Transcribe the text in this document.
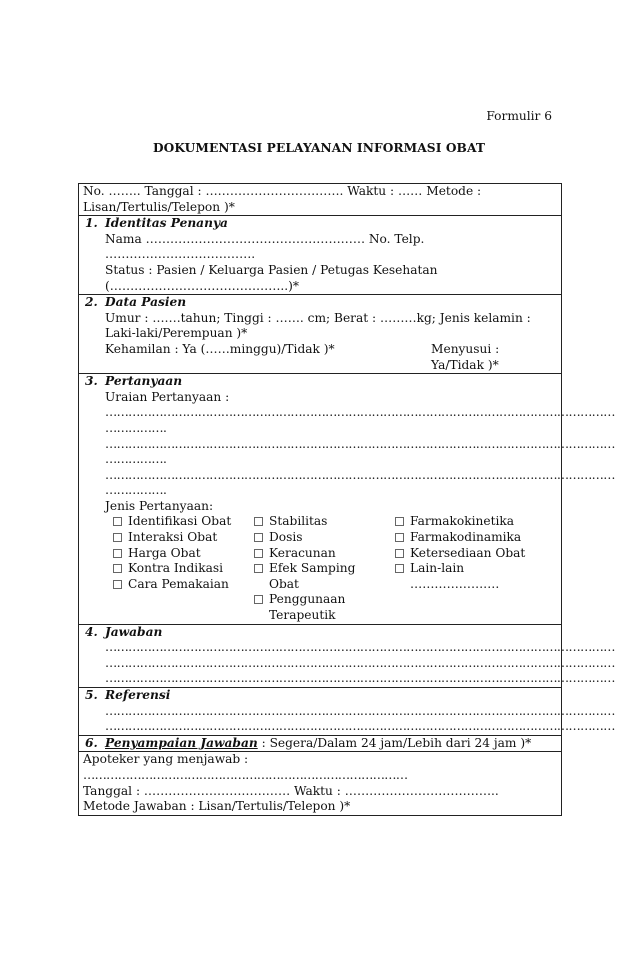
Formulir 6
DOKUMENTASI PELAYANAN INFORMASI OBAT
No. …….. Tanggal : ……………………………. Waktu : …… Metode : Lisan/Tertulis/Telepon )*
1. Identitas Penanya
Nama ……………………………………………… No. Telp. ……………………………….
Status : Pasien / Keluarga Pasien / Petugas Kesehatan (……………………………………..)*
2. Data Pasien
Umur : …….tahun; Tinggi : ……. cm; Berat : ………kg; Jenis kelamin : Laki-laki/Perempuan )*
Kehamilan : Ya (……minggu)/Tidak )*	Menyusui : Ya/Tidak )*
3. Pertanyaan
Uraian Pertanyaan :
……………………………………………………………………………………………………………………
…………….
……………………………………………………………………………………………………………………
…………….
……………………………………………………………………………………………………………………
…………….
Jenis Pertanyaan:
Identifikasi Obat
Interaksi Obat
Harga Obat
Kontra Indikasi
Cara Pemakaian
Stabilitas
Dosis
Keracunan
Efek Samping Obat
Penggunaan Terapeutik
Farmakokinetika
Farmakodinamika
Ketersediaan Obat
Lain-lain
………………….
4. Jawaban
……………………………………………………………………………………………………………………
……………………………………………………………………………………………………………………
……………………………………………………………………………………………………………………
5. Referensi
……………………………………………………………………………………………………………………
……………………………………………………………………………………………………………………
6. Penyampaian Jawaban : Segera/Dalam 24 jam/Lebih dari 24 jam )*
Apoteker yang menjawab :
…………………………………………………………………………
Tanggal : ……………………………… Waktu : ………………………………..
Metode Jawaban : Lisan/Tertulis/Telepon )*
